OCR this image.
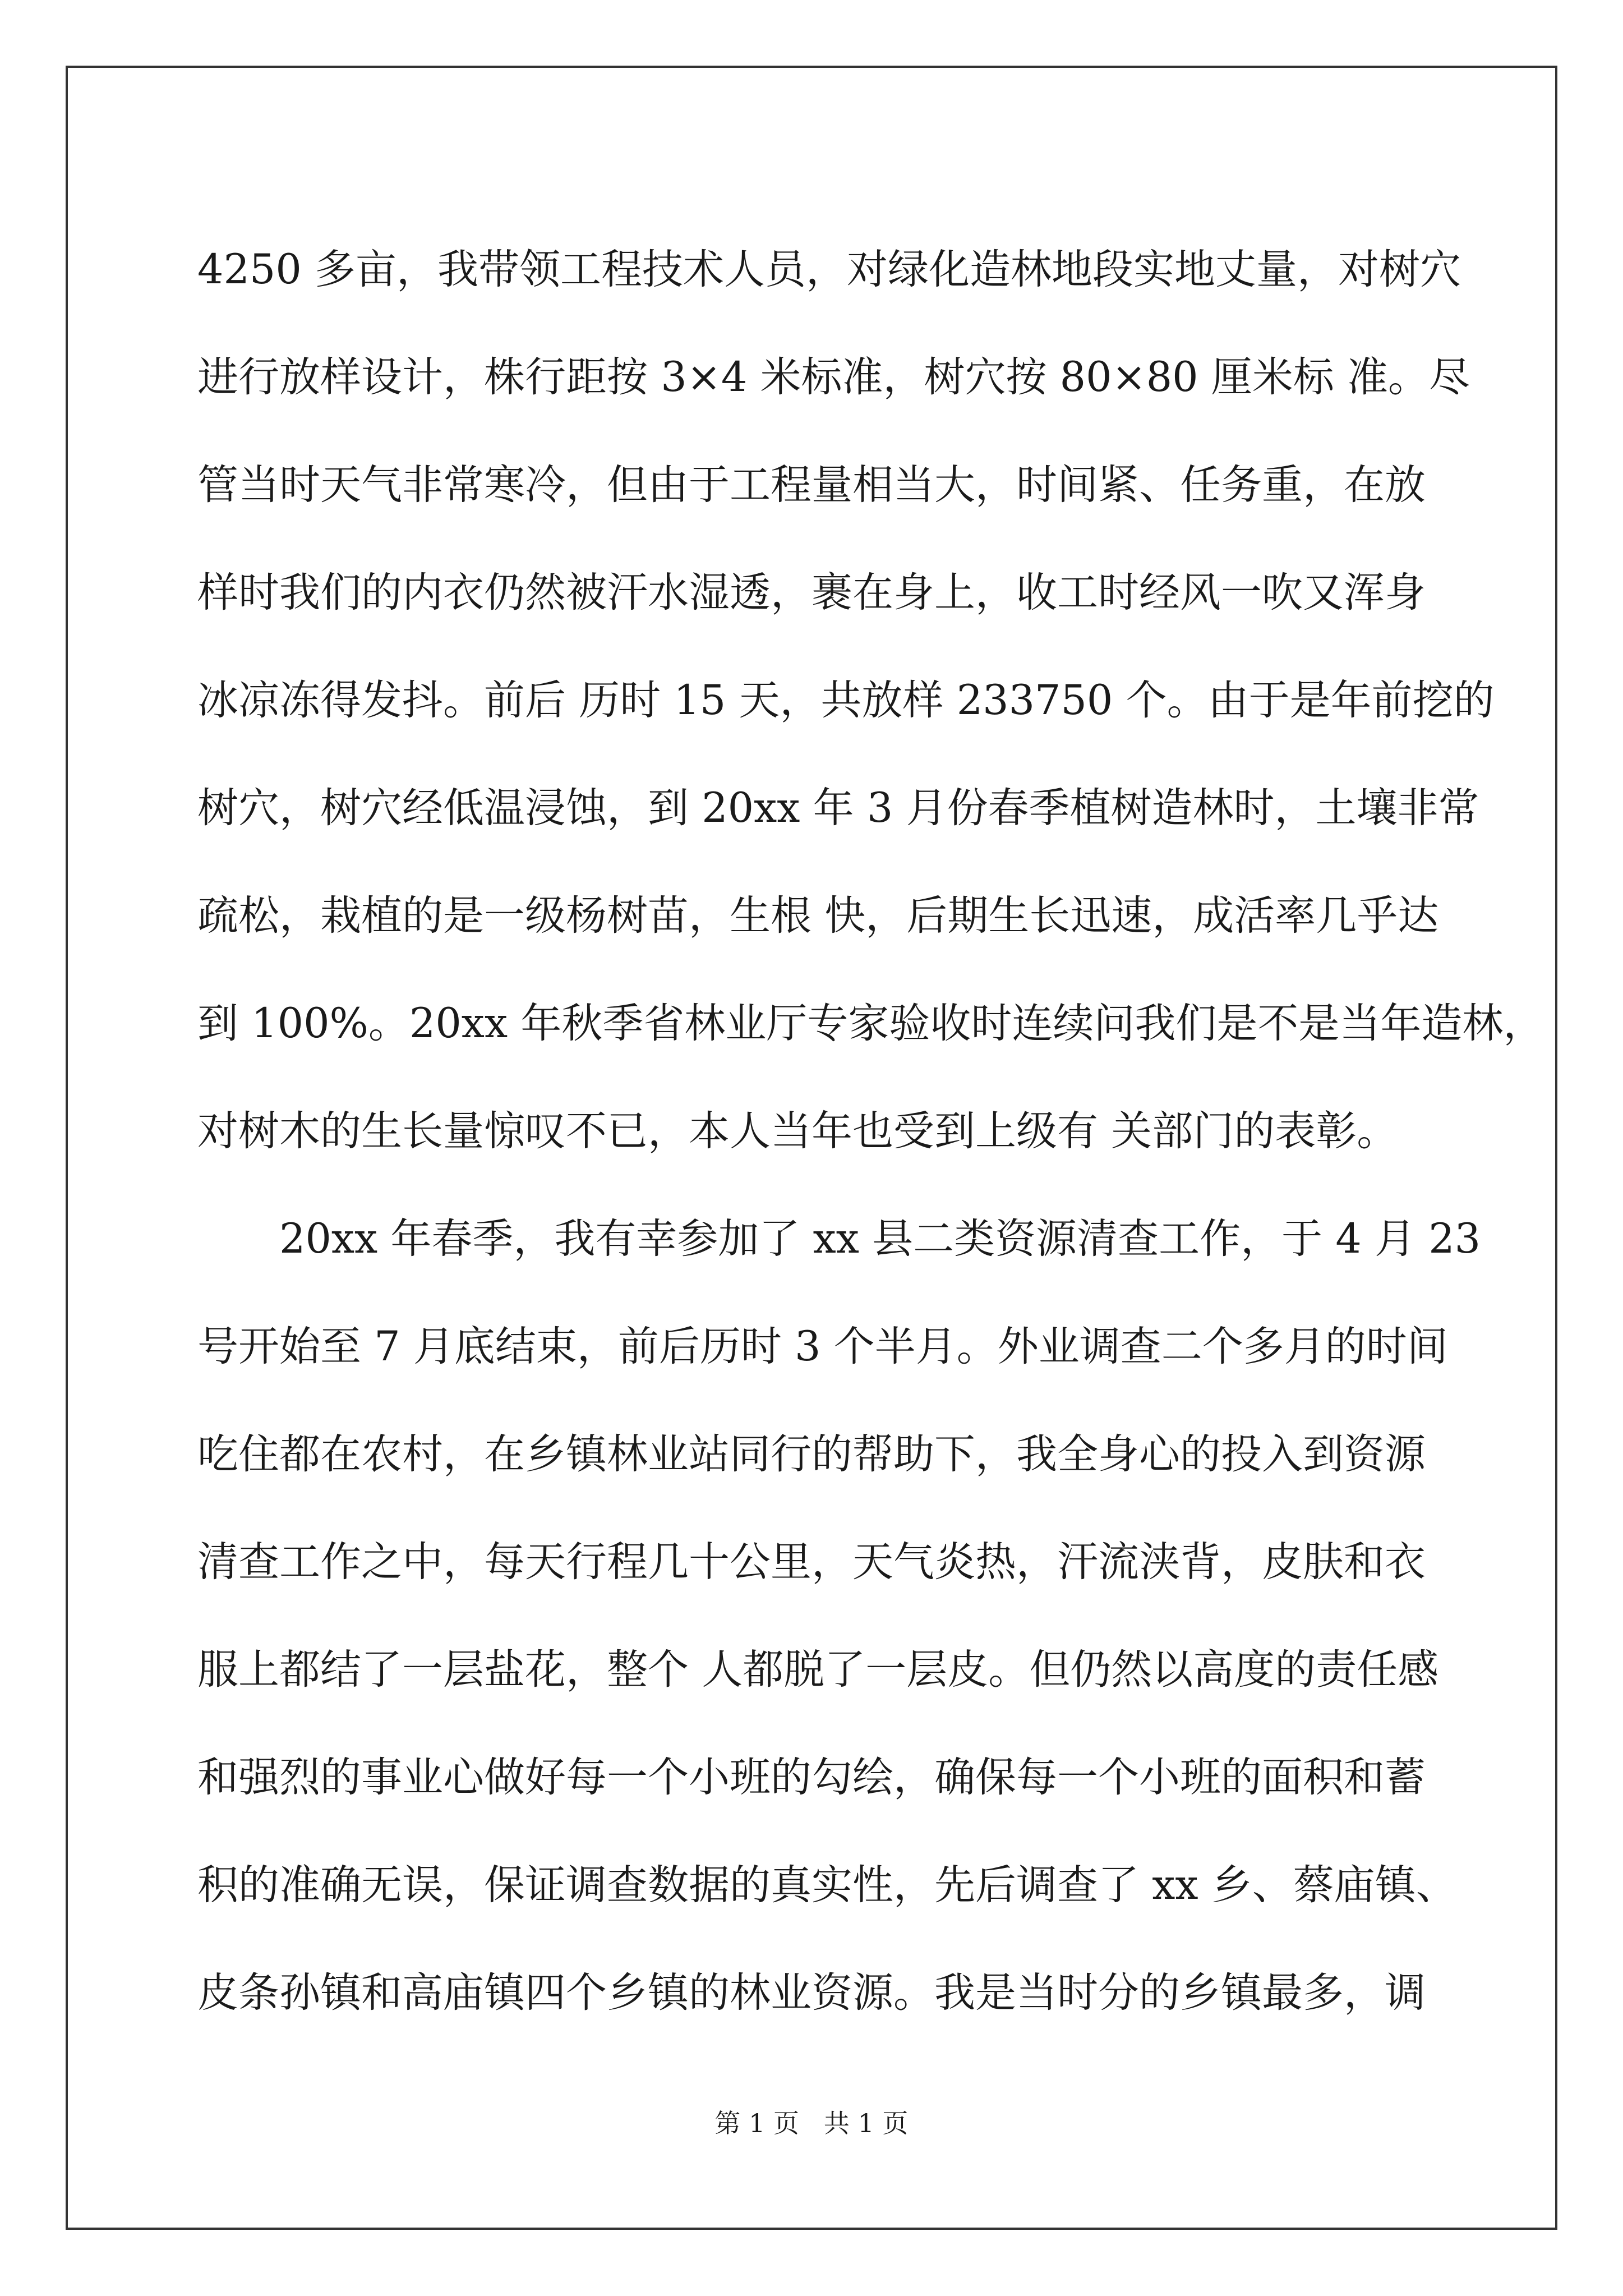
4250 多亩，我带领工程技术人员，对绿化造林地段实地丈量，对树穴
进行放样设计，株行距按 3×4 米标准，树穴按 80×80 厘米标 准。尽
管当时天气非常寒冷，但由于工程量相当大，时间紧、任务重，在放
样时我们的内衣仍然被汗水湿透，裹在身上，收工时经风一吹又浑身
冰凉冻得发抖。前后 历时 15 天，共放样 233750 个。由于是年前挖的
树穴，树穴经低温浸蚀，到 20xx 年 3 月份春季植树造林时，土壤非常
疏松，栽植的是一级杨树苗，生根 快，后期生长迅速，成活率几乎达
到 100%。20xx 年秋季省林业厅专家验收时连续问我们是不是当年造林，
对树木的生长量惊叹不已，本人当年也受到上级有 关部门的表彰。
20xx 年春季，我有幸参加了 xx 县二类资源清查工作，于 4 月 23
号开始至 7 月底结束，前后历时 3 个半月。外业调查二个多月的时间
吃住都在农村，在乡镇林业站同行的帮助下，我全身心的投入到资源
清查工作之中，每天行程几十公里，天气炎热，汗流浃背，皮肤和衣
服上都结了一层盐花，整个 人都脱了一层皮。但仍然以高度的责任感
和强烈的事业心做好每一个小班的勾绘，确保每一个小班的面积和蓄
积的准确无误，保证调查数据的真实性，先后调查了 xx 乡、蔡庙镇、
皮条孙镇和高庙镇四个乡镇的林业资源。我是当时分的乡镇最多，调
第 1 页   共 1 页
